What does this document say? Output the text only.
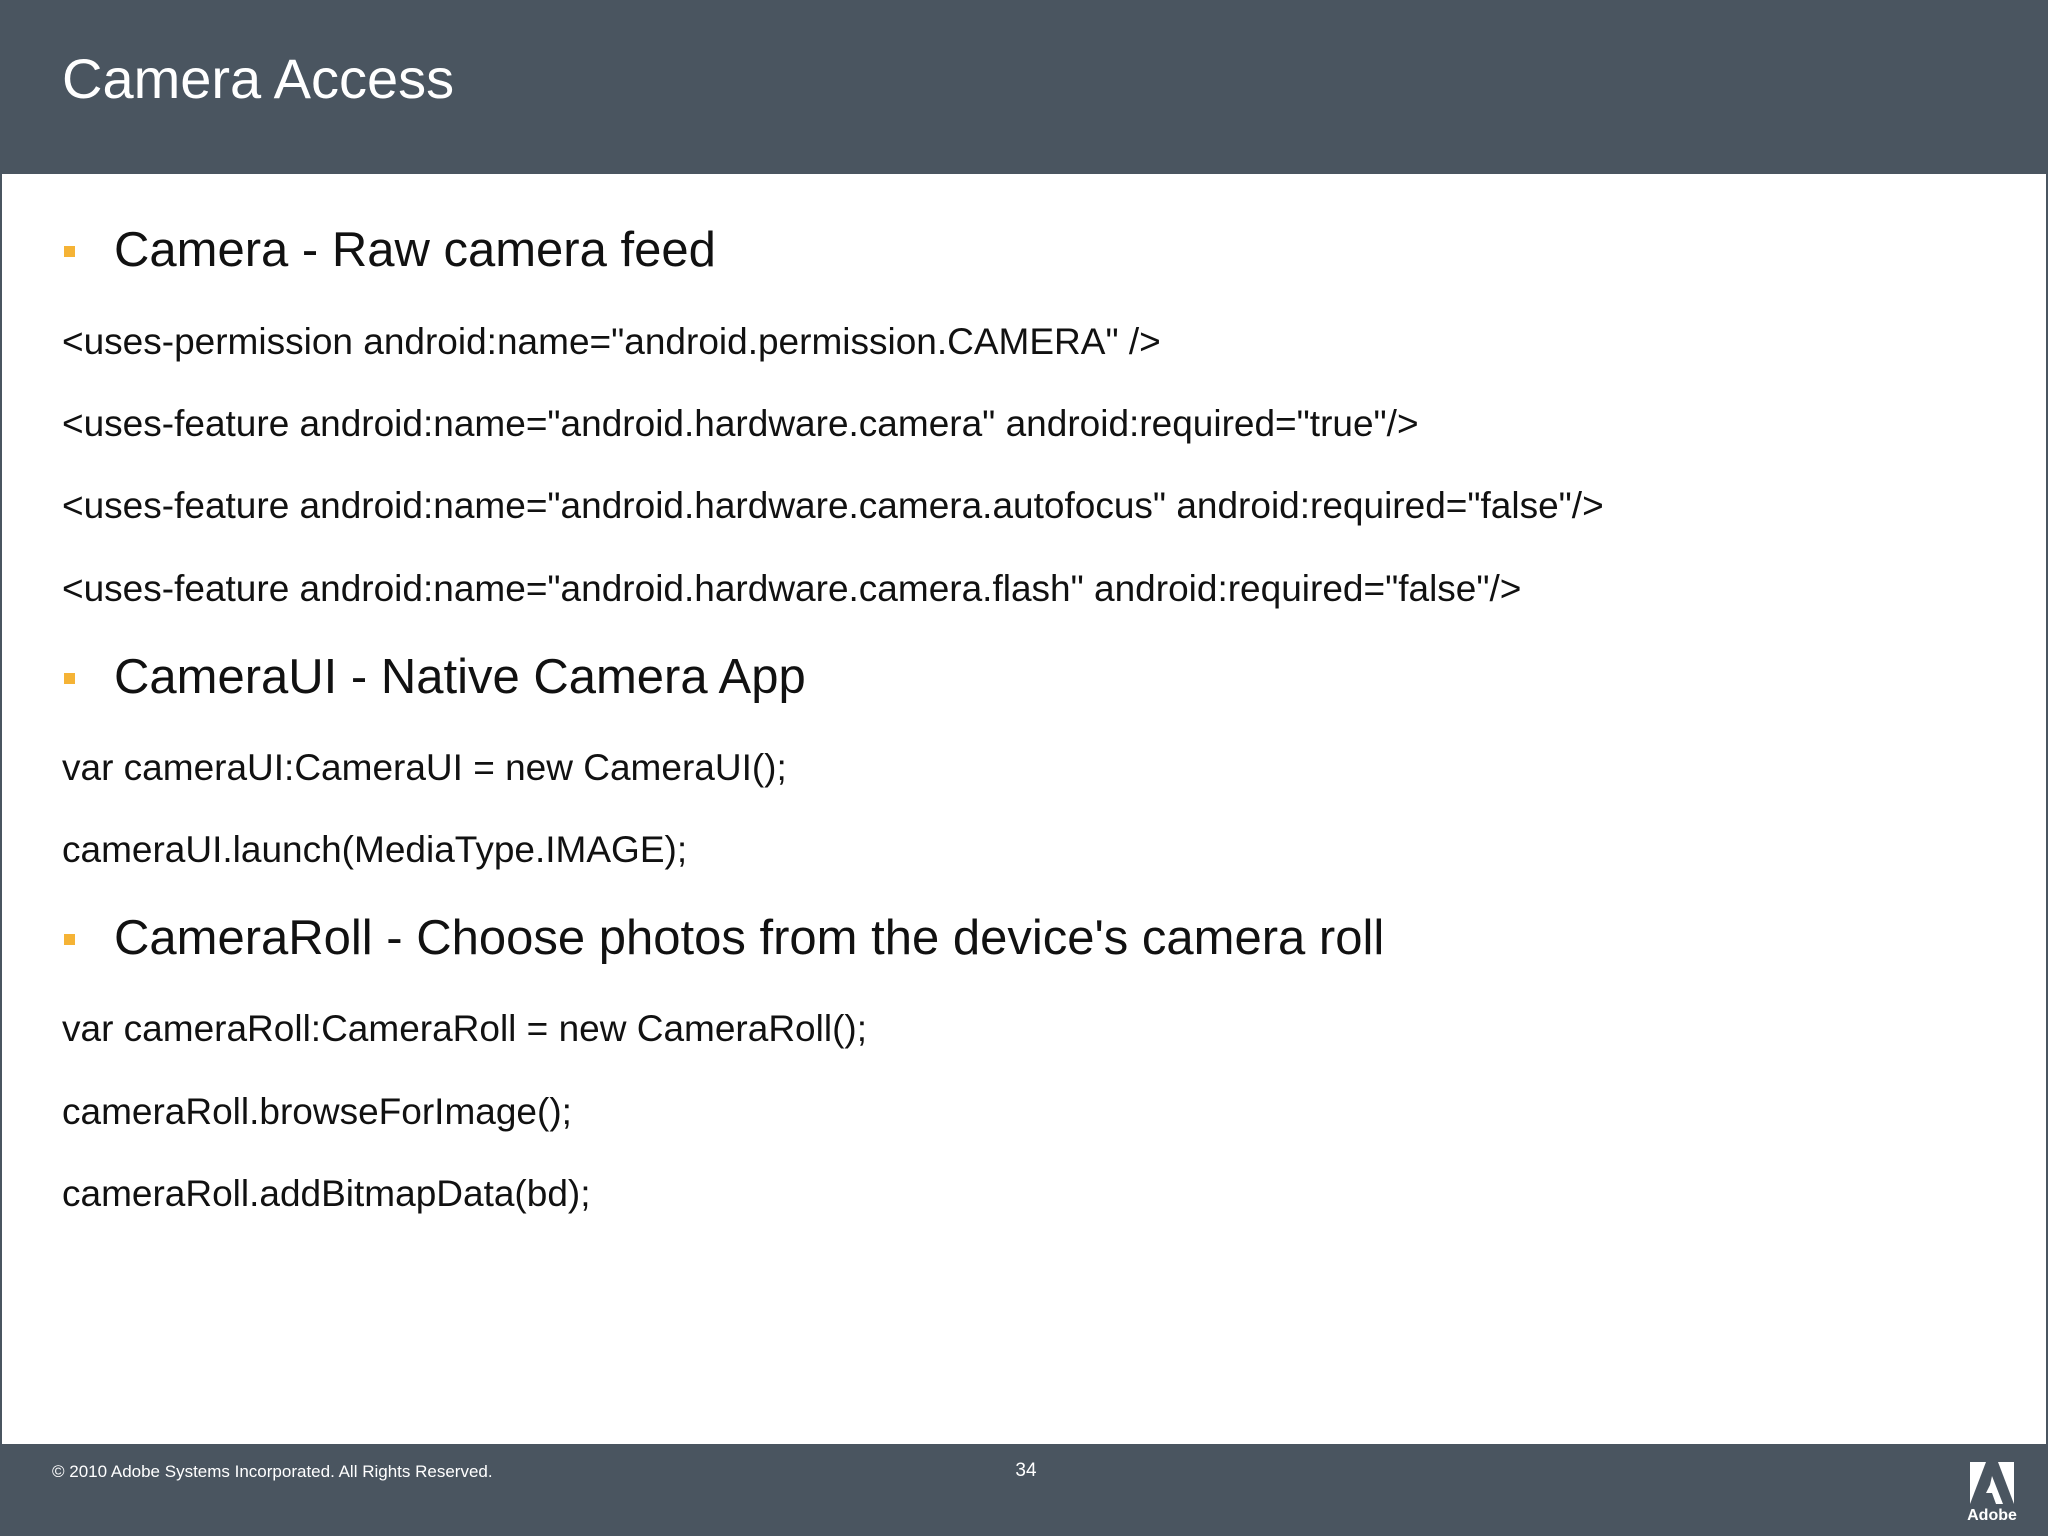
Camera Access
Camera - Raw camera feed
<uses-permission android:name="android.permission.CAMERA" />
<uses-feature android:name="android.hardware.camera" android:required="true"/>
<uses-feature android:name="android.hardware.camera.autofocus" android:required="false"/>
<uses-feature android:name="android.hardware.camera.flash" android:required="false"/>
CameraUI - Native Camera App
var cameraUI:CameraUI = new CameraUI();
cameraUI.launch(MediaType.IMAGE);
CameraRoll - Choose photos from the device's camera roll
var cameraRoll:CameraRoll = new CameraRoll();
cameraRoll.browseForImage();
cameraRoll.addBitmapData(bd);
© 2010 Adobe Systems Incorporated. All Rights Reserved.	34
Adobe
